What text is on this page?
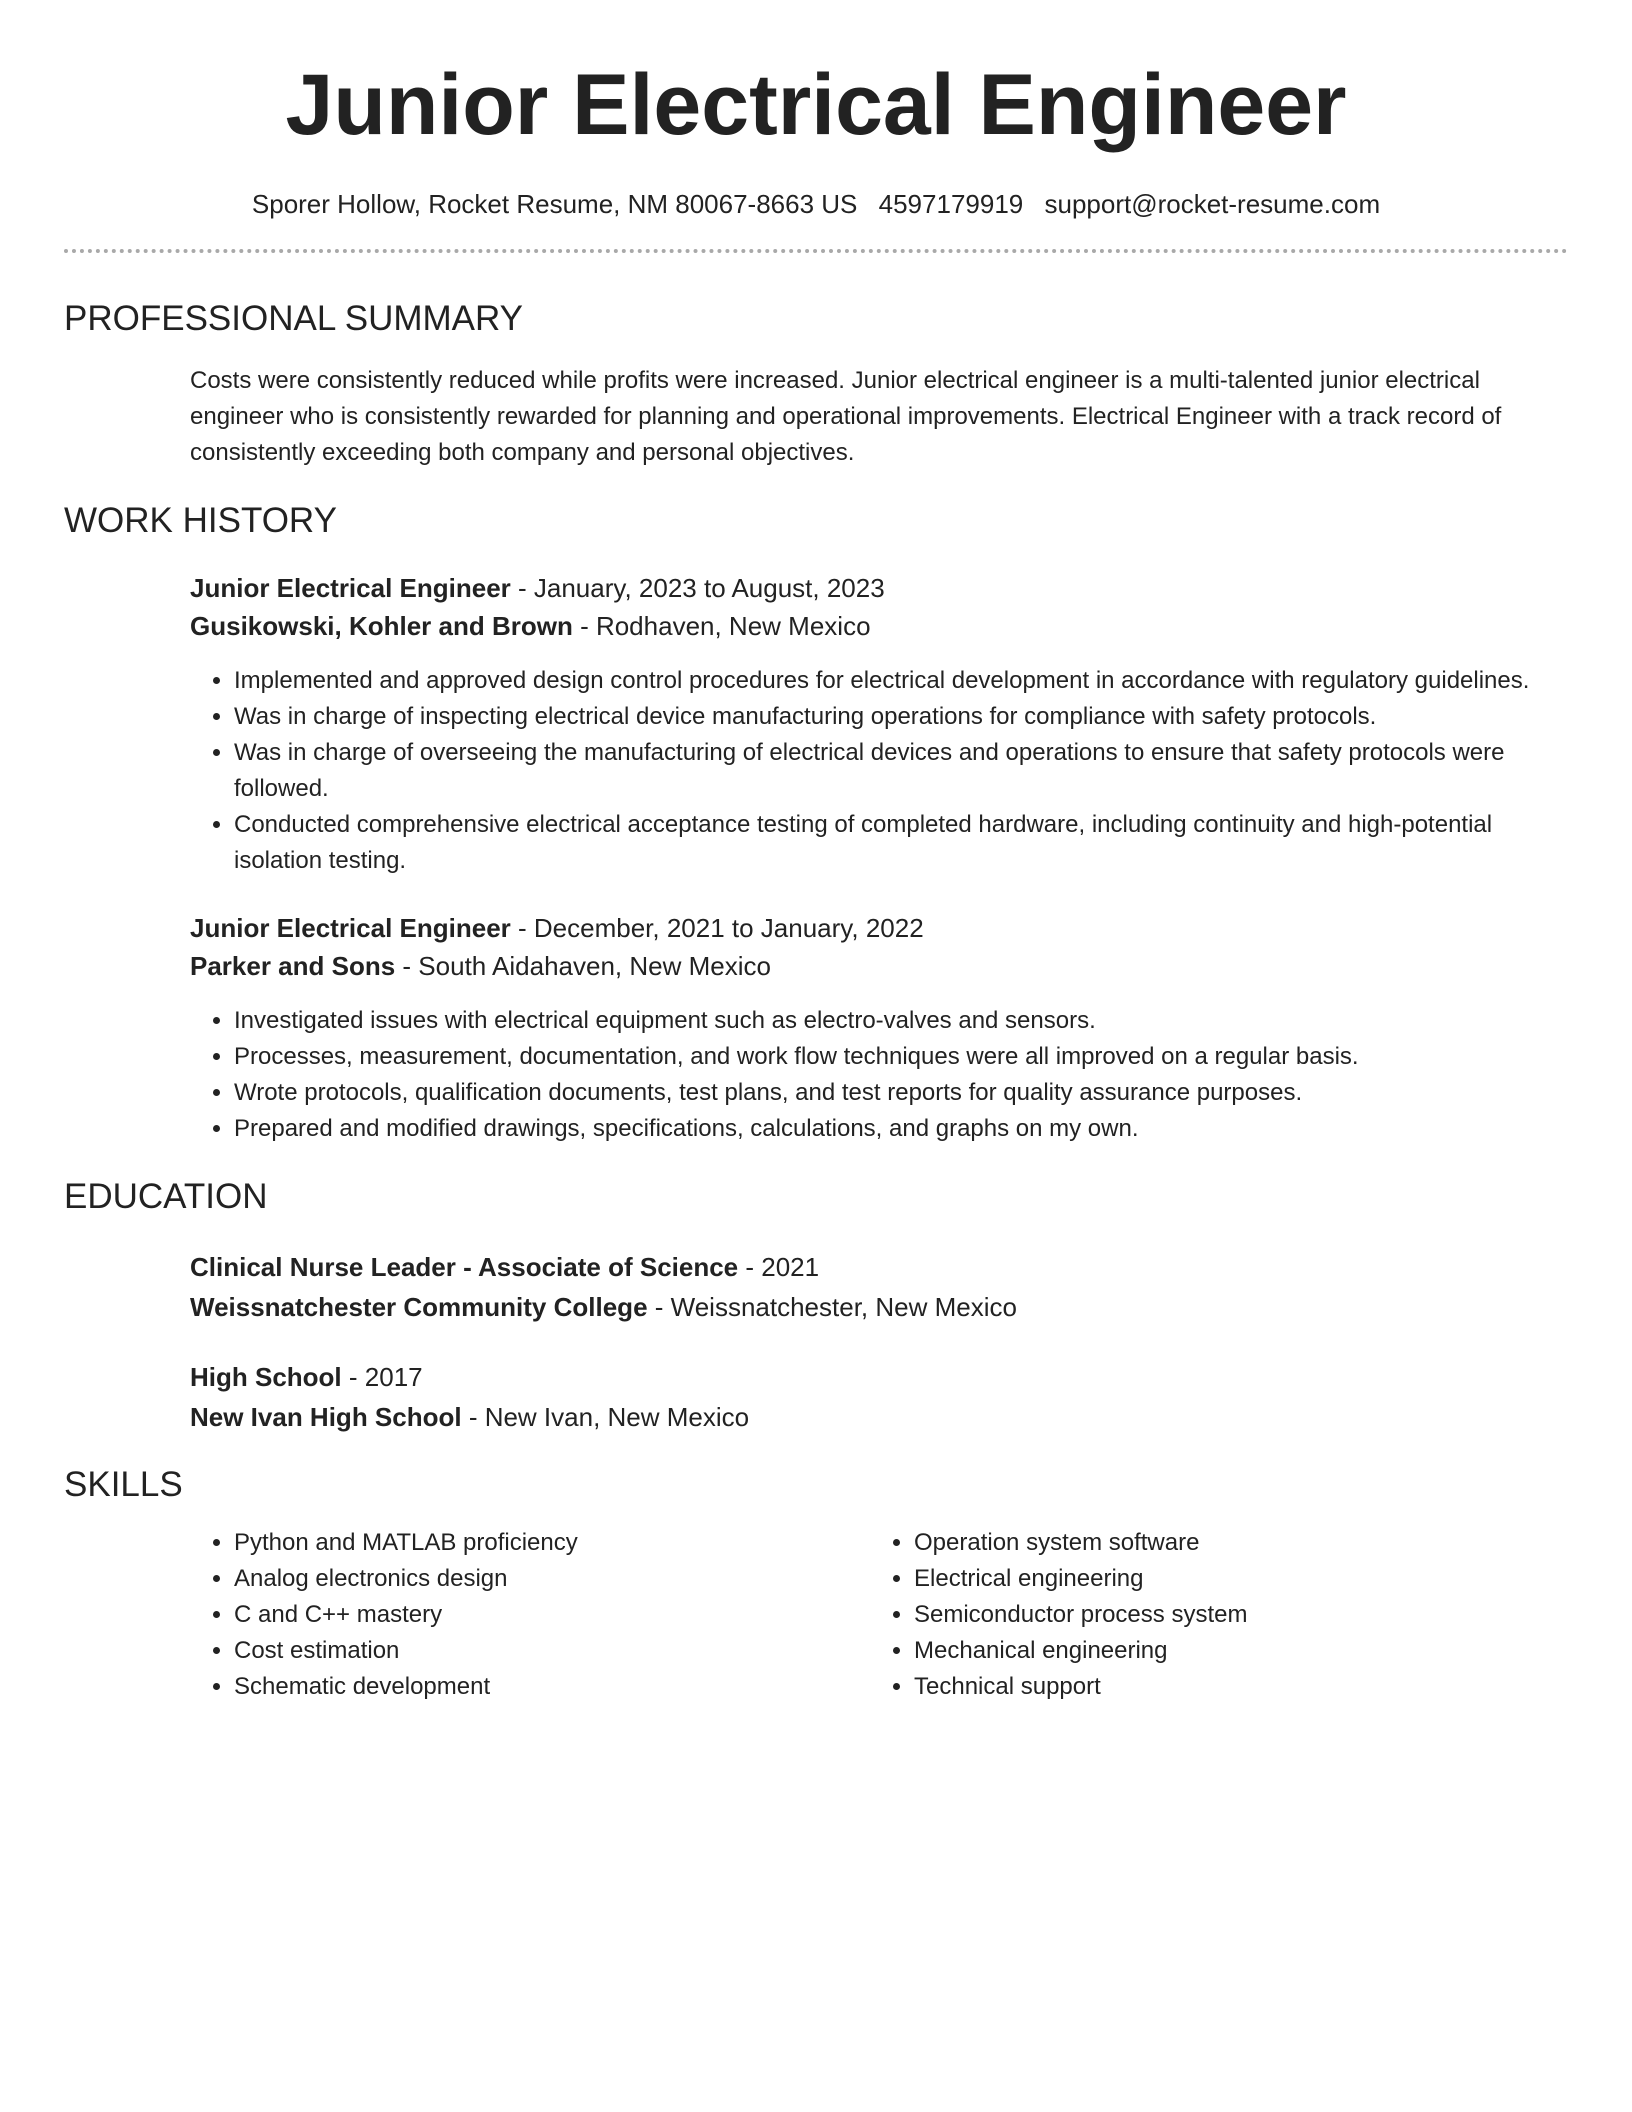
Junior Electrical Engineer
Sporer Hollow, Rocket Resume, NM 80067-8663 US 4597179919 support@rocket-resume.com
PROFESSIONAL SUMMARY
Costs were consistently reduced while profits were increased. Junior electrical engineer is a multi-talented junior electrical engineer who is consistently rewarded for planning and operational improvements. Electrical Engineer with a track record of consistently exceeding both company and personal objectives.
WORK HISTORY
Junior Electrical Engineer - January, 2023 to August, 2023
Gusikowski, Kohler and Brown - Rodhaven, New Mexico
• Implemented and approved design control procedures for electrical development in accordance with regulatory guidelines.
• Was in charge of inspecting electrical device manufacturing operations for compliance with safety protocols.
• Was in charge of overseeing the manufacturing of electrical devices and operations to ensure that safety protocols were followed.
• Conducted comprehensive electrical acceptance testing of completed hardware, including continuity and high-potential isolation testing.
Junior Electrical Engineer - December, 2021 to January, 2022
Parker and Sons - South Aidahaven, New Mexico
• Investigated issues with electrical equipment such as electro-valves and sensors.
• Processes, measurement, documentation, and work flow techniques were all improved on a regular basis.
• Wrote protocols, qualification documents, test plans, and test reports for quality assurance purposes.
• Prepared and modified drawings, specifications, calculations, and graphs on my own.
EDUCATION
Clinical Nurse Leader - Associate of Science - 2021
Weissnatchester Community College - Weissnatchester, New Mexico
High School - 2017
New Ivan High School - New Ivan, New Mexico
SKILLS
• Python and MATLAB proficiency
• Analog electronics design
• C and C++ mastery
• Cost estimation
• Schematic development
• Operation system software
• Electrical engineering
• Semiconductor process system
• Mechanical engineering
• Technical support
